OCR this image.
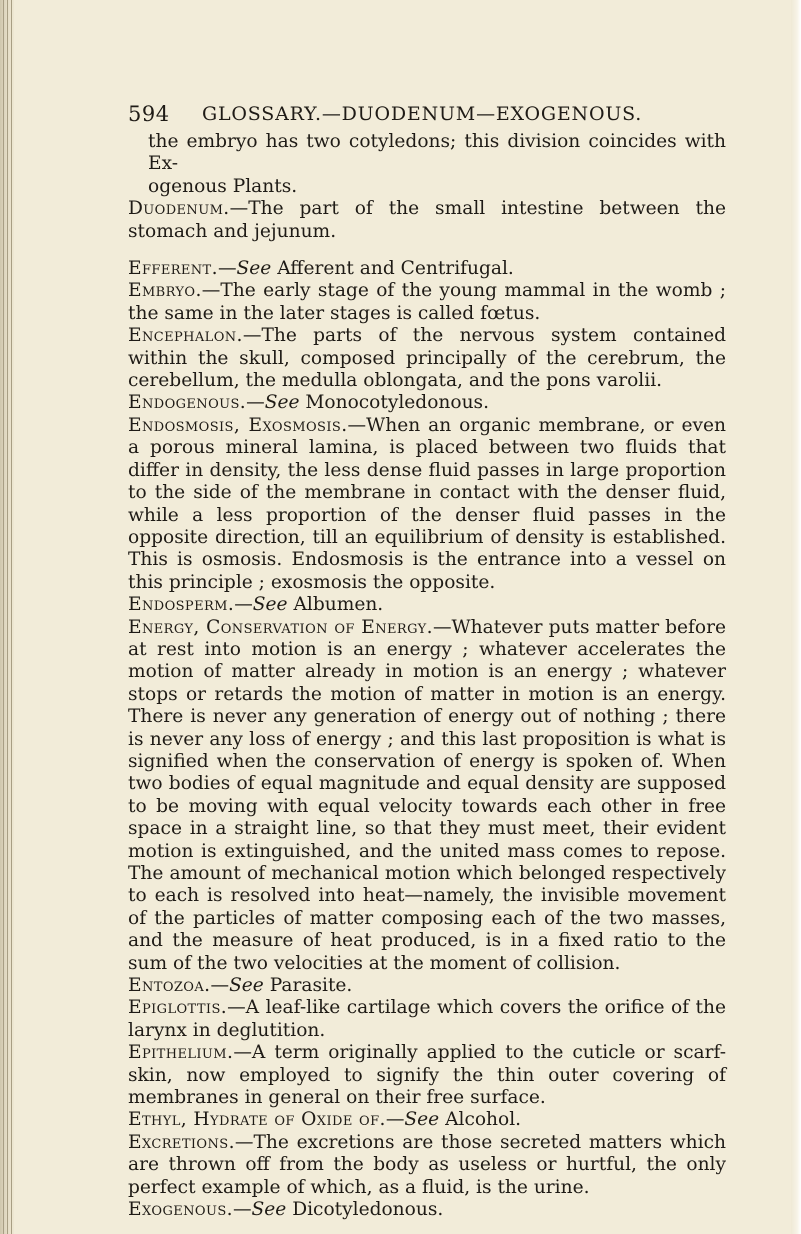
594 GLOSSARY.—DUODENUM—EXOGENOUS.

the embryo has two cotyledons; this division coincides with Ex-
ogenous Plants.

Duodenum.—The part of the small intestine between the stomach and jejunum.

Efferent.—See Afferent and Centrifugal.

Embryo.—The early stage of the young mammal in the womb ; the same in the later stages is called fœtus.

Encephalon.—The parts of the nervous system contained within the skull, composed principally of the cerebrum, the cerebellum, the medulla oblongata, and the pons varolii.

Endogenous.—See Monocotyledonous.

Endosmosis, Exosmosis.—When an organic membrane, or even a porous mineral lamina, is placed between two fluids that differ in density, the less dense fluid passes in large proportion to the side of the membrane in contact with the denser fluid, while a less proportion of the denser fluid passes in the opposite direction, till an equilibrium of density is established. This is osmosis. Endosmosis is the entrance into a vessel on this principle ; exosmosis the opposite.

Endosperm.—See Albumen.

Energy, Conservation of Energy.—Whatever puts matter before at rest into motion is an energy ; whatever accelerates the motion of matter already in motion is an energy ; whatever stops or retards the motion of matter in motion is an energy. There is never any generation of energy out of nothing ; there is never any loss of energy ; and this last proposition is what is signified when the conservation of energy is spoken of. When two bodies of equal magnitude and equal density are supposed to be moving with equal velocity towards each other in free space in a straight line, so that they must meet, their evident motion is extinguished, and the united mass comes to repose. The amount of mechanical motion which belonged respectively to each is resolved into heat—namely, the invisible movement of the particles of matter composing each of the two masses, and the measure of heat produced, is in a fixed ratio to the sum of the two velocities at the moment of collision.

Entozoa.—See Parasite.

Epiglottis.—A leaf-like cartilage which covers the orifice of the larynx in deglutition.

Epithelium.—A term originally applied to the cuticle or scarf-skin, now employed to signify the thin outer covering of membranes in general on their free surface.

Ethyl, Hydrate of Oxide of.—See Alcohol.

Excretions.—The excretions are those secreted matters which are thrown off from the body as useless or hurtful, the only perfect example of which, as a fluid, is the urine.

Exogenous.—See Dicotyledonous.
